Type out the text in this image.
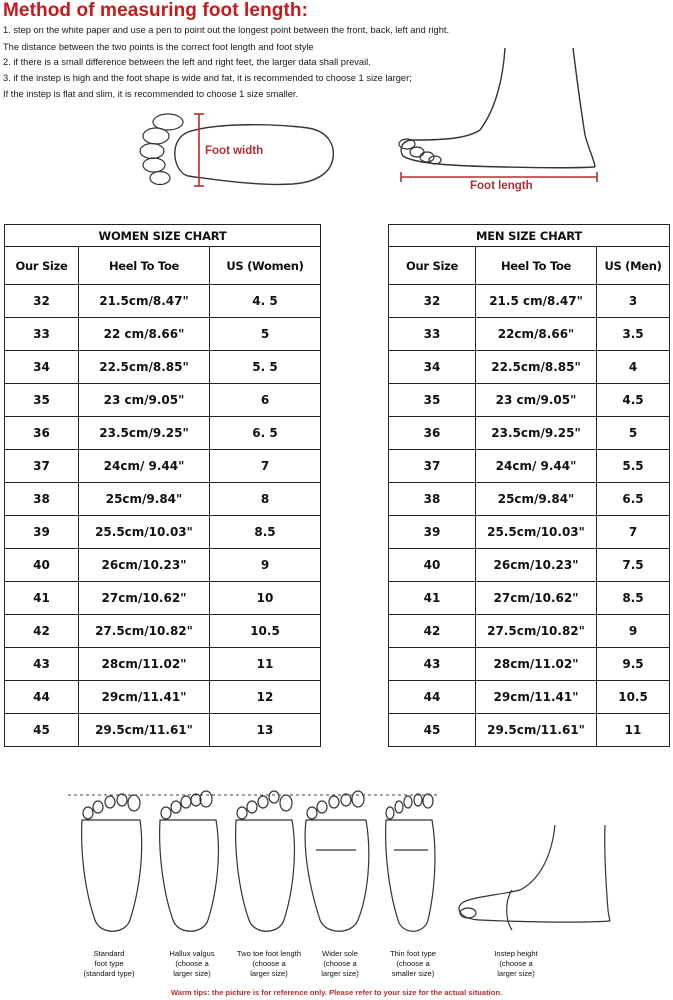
Method of measuring foot length:
1. step on the white paper and use a pen to point out the longest point between the front, back, left and right.
The distance between the two points is the correct foot length and foot style
2. if there is a small difference between the left and right feet, the larger data shall prevail.
3. if the instep is high and the foot shape is wide and fat, it is recommended to choose 1 size larger;
If the instep is flat and slim, it is recommended to choose 1 size smaller.
Foot width
Foot length
WOMEN SIZE CHART				MEN SIZE CHART		
Our Size	Heel To Toe	US (Women)		Our Size	Heel To Toe	US (Men)
32	21.5cm/8.47"	4. 5		32	21.5 cm/8.47"	3
33	22 cm/8.66"	5		33	22cm/8.66"	3.5
34	22.5cm/8.85"	5. 5		34	22.5cm/8.85"	4
35	23 cm/9.05"	6		35	23 cm/9.05"	4.5
36	23.5cm/9.25"	6. 5		36	23.5cm/9.25"	5
37	24cm/ 9.44"	7		37	24cm/ 9.44"	5.5
38	25cm/9.84"	8		38	25cm/9.84"	6.5
39	25.5cm/10.03"	8.5		39	25.5cm/10.03"	7
40	26cm/10.23"	9		40	26cm/10.23"	7.5
41	27cm/10.62"	10		41	27cm/10.62"	8.5
42	27.5cm/10.82"	10.5		42	27.5cm/10.82"	9
43	28cm/11.02"	11		43	28cm/11.02"	9.5
44	29cm/11.41"	12		44	29cm/11.41"	10.5
45	29.5cm/11.61"	13		45	29.5cm/11.61"	11
Standard
foot type
(standard type)
Hallux valgus
(choose a
larger size)
Two toe foot length
(choose a
larger size)
Wider sole
(choose a
larger size)
Thin foot type
(choose a
smaller size)
Instep height
(choose a
larger size)
Warm tips: the picture is for reference only. Please refer to your size for the actual situation.
